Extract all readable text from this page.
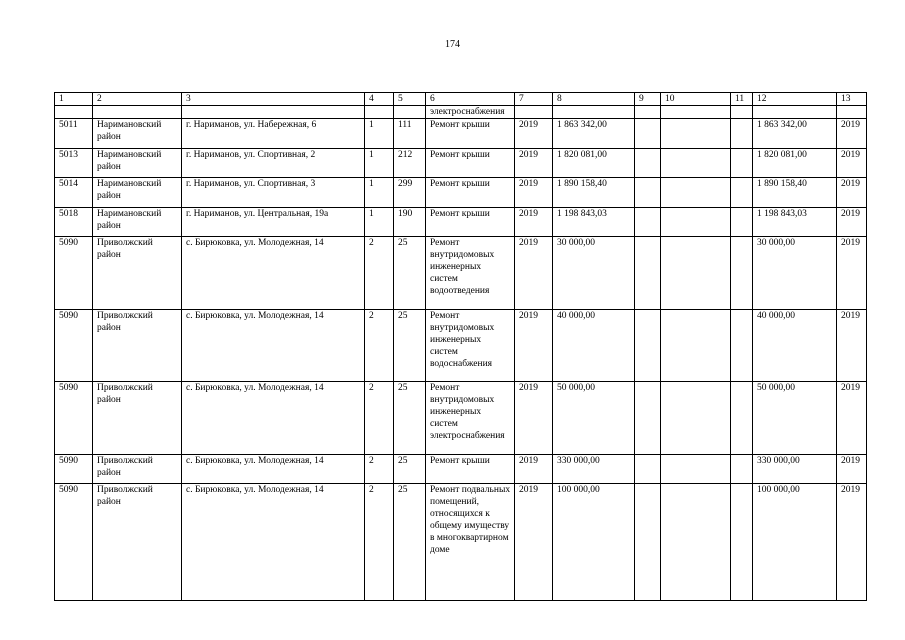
174
1	2	3	4	5	6	7	8	9	10	11	12	13
					электроснабжения							
5011	Наримановский район	г. Нариманов, ул. Набережная, 6	1	111	Ремонт крыши	2019	1 863 342,00				1 863 342,00	2019
5013	Наримановский район	г. Нариманов, ул. Спортивная, 2	1	212	Ремонт крыши	2019	1 820 081,00				1 820 081,00	2019
5014	Наримановский район	г. Нариманов, ул. Спортивная, 3	1	299	Ремонт крыши	2019	1 890 158,40				1 890 158,40	2019
5018	Наримановский район	г. Нариманов, ул. Центральная, 19а	1	190	Ремонт крыши	2019	1 198 843,03				1 198 843,03	2019
5090	Приволжский район	с. Бирюковка, ул. Молодежная, 14	2	25	Ремонт внутридомовых инженерных систем водоотведения	2019	30 000,00				30 000,00	2019
5090	Приволжский район	с. Бирюковка, ул. Молодежная, 14	2	25	Ремонт внутридомовых инженерных систем водоснабжения	2019	40 000,00				40 000,00	2019
5090	Приволжский район	с. Бирюковка, ул. Молодежная, 14	2	25	Ремонт внутридомовых инженерных систем электроснабжения	2019	50 000,00				50 000,00	2019
5090	Приволжский район	с. Бирюковка, ул. Молодежная, 14	2	25	Ремонт крыши	2019	330 000,00				330 000,00	2019
5090	Приволжский район	с. Бирюковка, ул. Молодежная, 14	2	25	Ремонт подвальных помещений, относящихся к общему имуществу в многоквартирном доме	2019	100 000,00				100 000,00	2019
